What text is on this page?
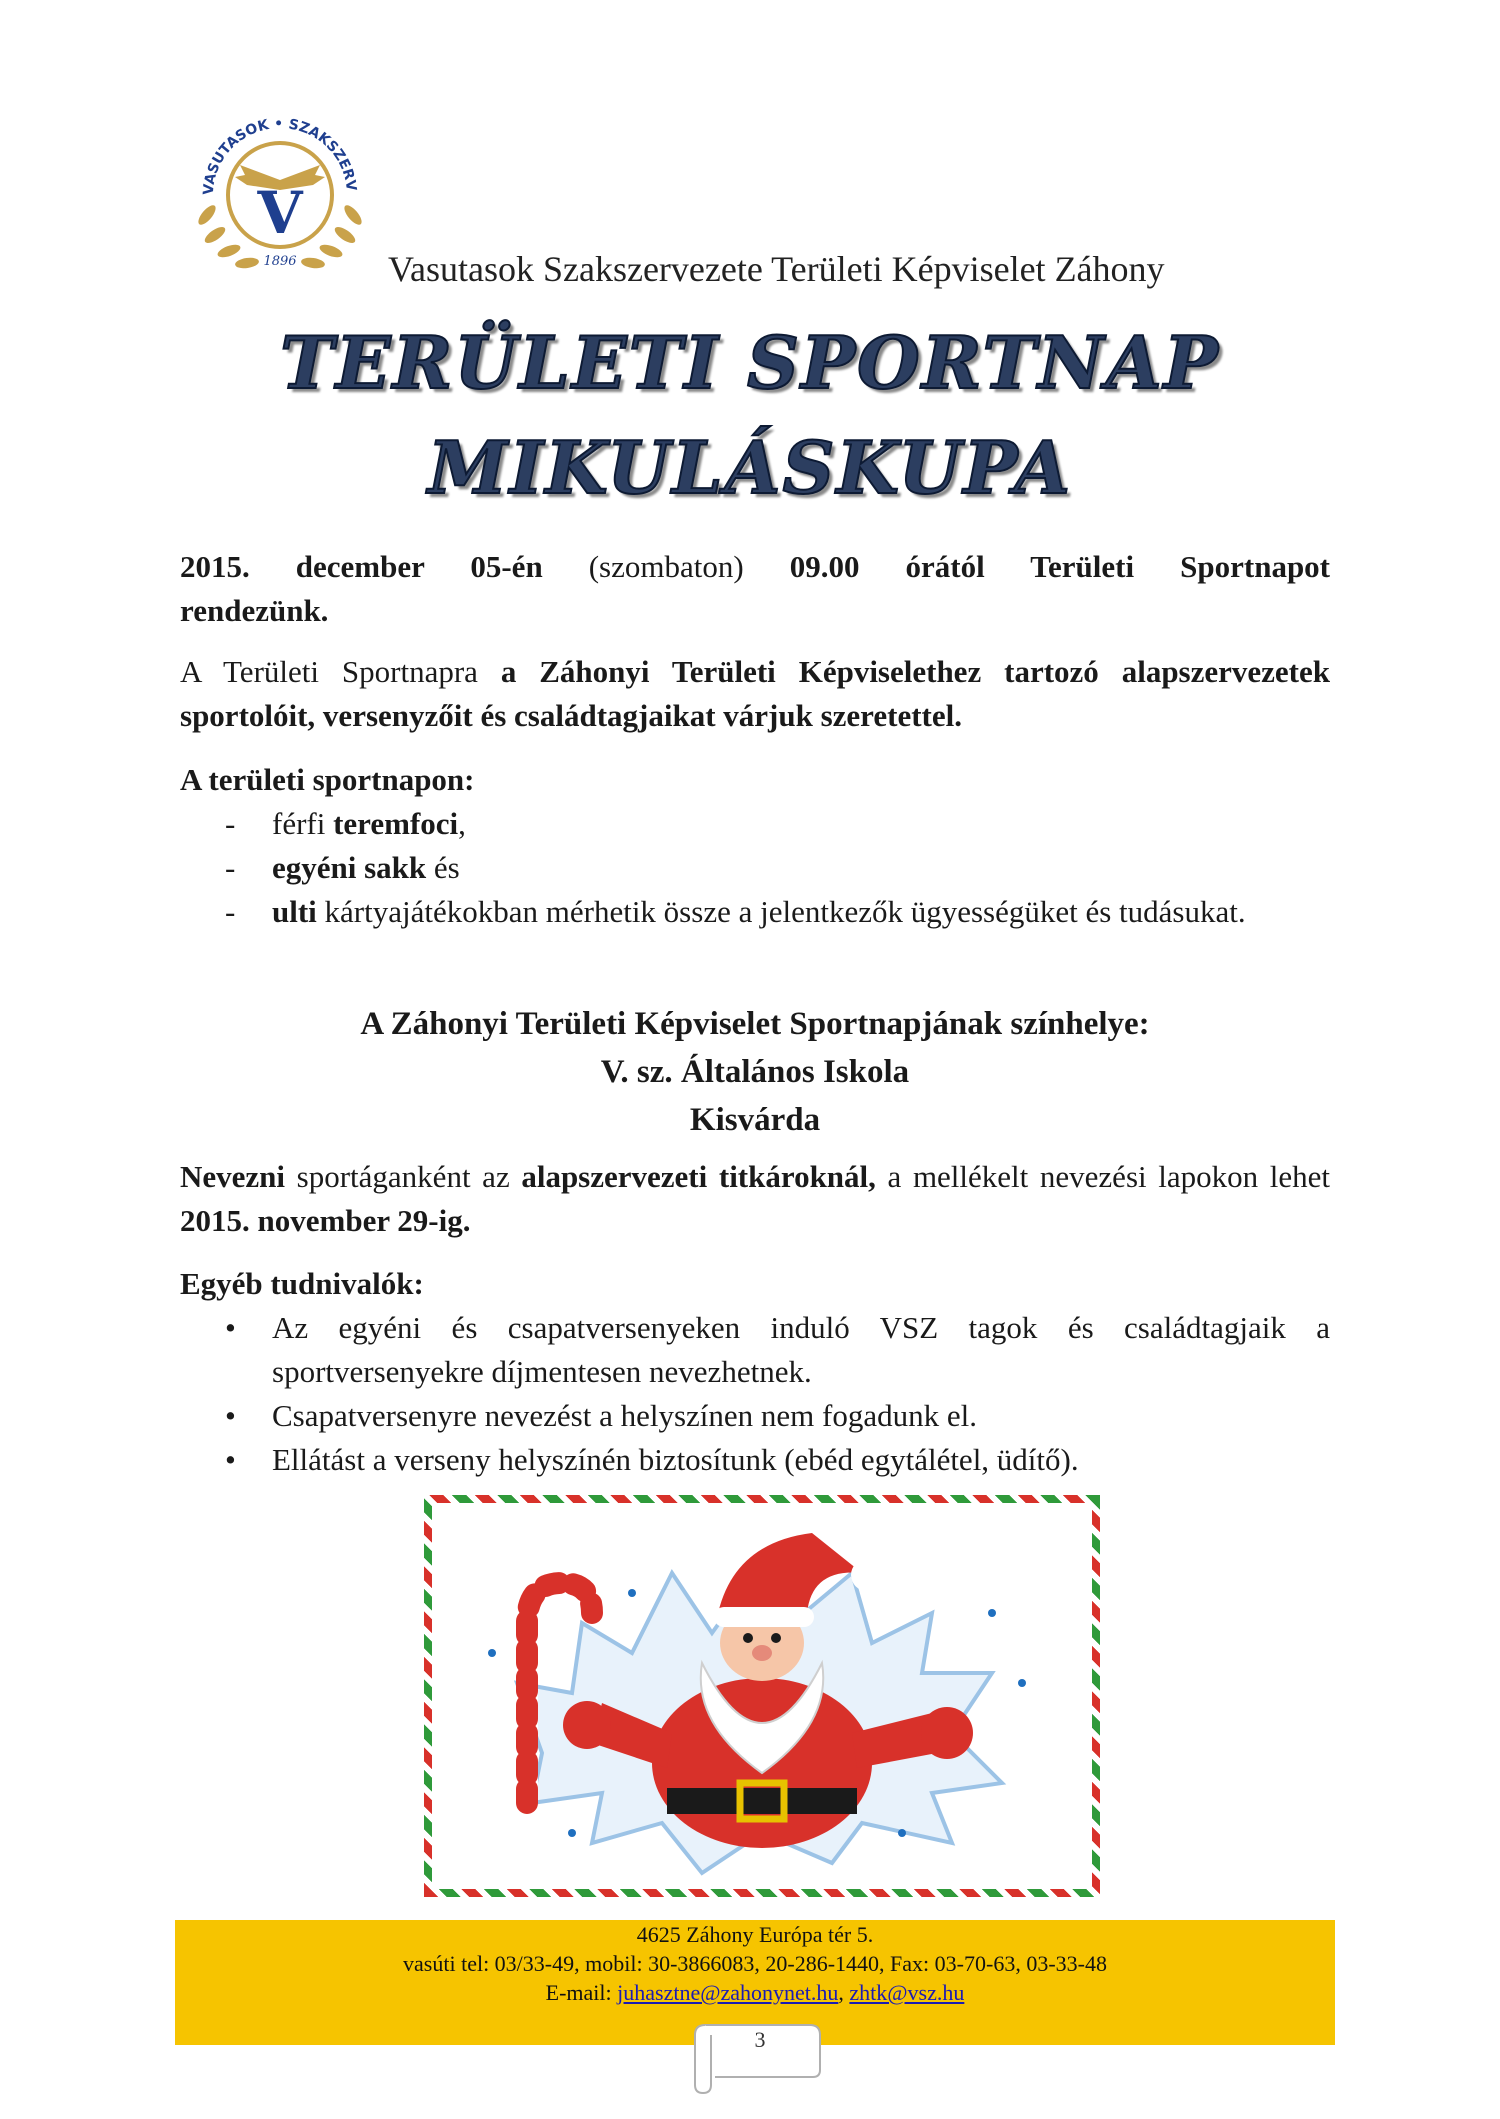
VASUTASOK • SZAKSZERV
V
1896	Vasutasok Szakszervezete Területi Képviselet Záhony
TERÜLETI SPORTNAP
MIKULÁSKUPA
2015. december 05-én (szombaton) 09.00 órától Területi Sportnapot
rendezünk.
A Területi Sportnapra a Záhonyi Területi Képviselethez tartozó alapszervezetek sportolóit, versenyzőit és családtagjaikat várjuk szeretettel.
A területi sportnapon:
- férfi teremfoci,
- egyéni sakk és
- ulti kártyajátékokban mérhetik össze a jelentkezők ügyességüket és tudásukat.
A Záhonyi Területi Képviselet Sportnapjának színhelye:
V. sz. Általános Iskola
Kisvárda
Nevezni sportáganként az alapszervezeti titkároknál, a mellékelt nevezési lapokon lehet 2015. november 29-ig.
Egyéb tudnivalók:
• Az egyéni és csapatversenyeken induló VSZ tagok és családtagjaik a sportversenyekre díjmentesen nevezhetnek.
• Csapatversenyre nevezést a helyszínen nem fogadunk el.
• Ellátást a verseny helyszínén biztosítunk (ebéd egytálétel, üdítő).
4625 Záhony Európa tér 5.
vasúti tel: 03/33-49, mobil: 30-3866083, 20-286-1440, Fax: 03-70-63, 03-33-48
E-mail: juhasztne@zahonynet.hu, zhtk@vsz.hu
3
